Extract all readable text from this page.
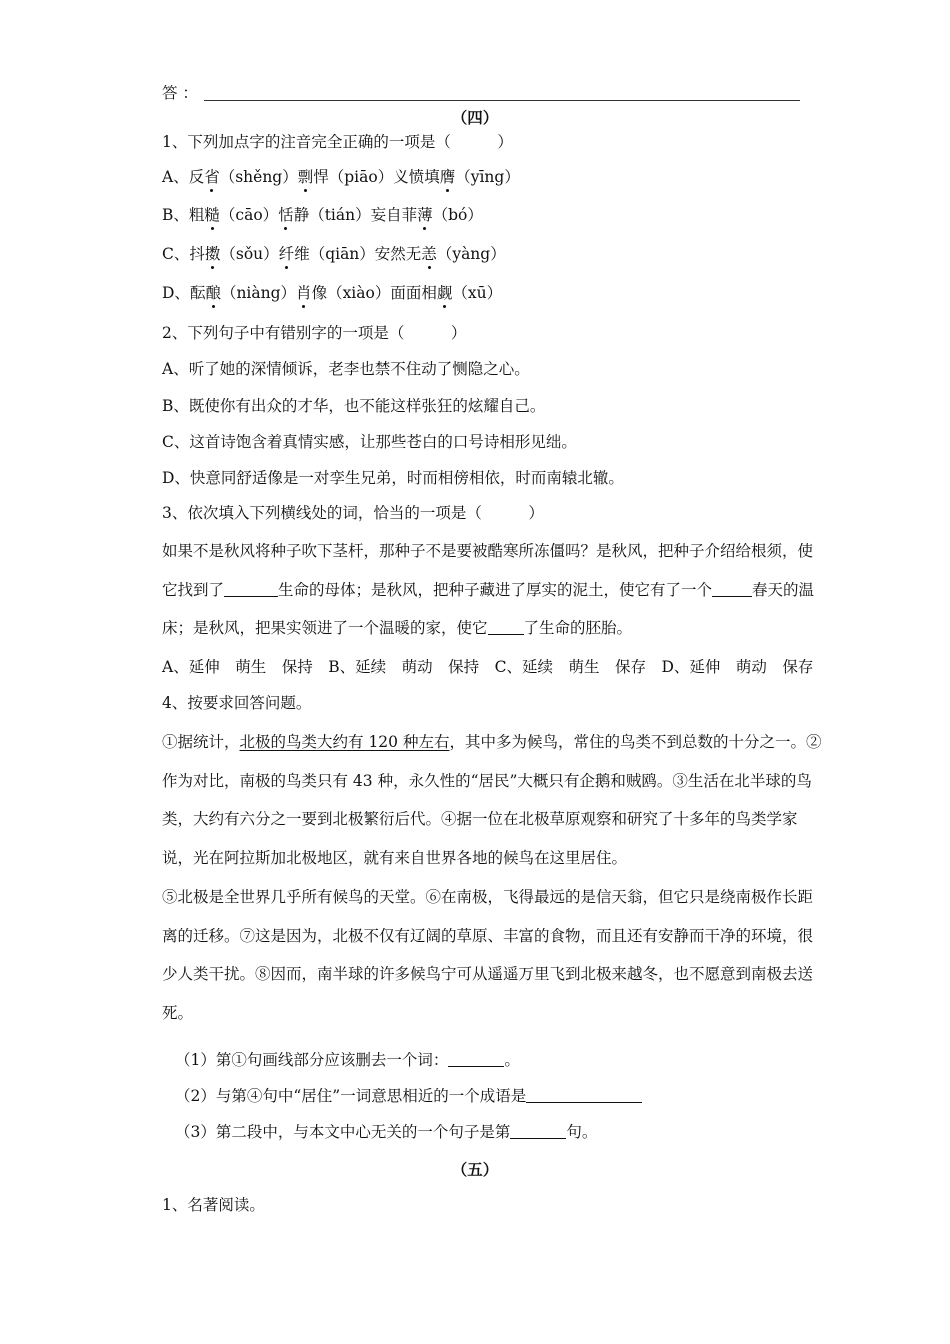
答 ：
（四）
1、下列加点字的注音完全正确的一项是（　　　）
A、反省（shěng）剽悍（piāo）义愤填膺（yīng）
B、粗糙（cāo）恬静（tián）妄自菲薄（bó）
C、抖擞（sǒu）纤维（qiān）安然无恙（yàng）
D、酝酿（niàng）肖像（xiào）面面相觑（xū）
2、下列句子中有错别字的一项是（　　　）
A、听了她的深情倾诉，老李也禁不住动了恻隐之心。
B、既使你有出众的才华，也不能这样张狂的炫耀自己。
C、这首诗饱含着真情实感，让那些苍白的口号诗相形见绌。
D、快意同舒适像是一对孪生兄弟，时而相傍相依，时而南辕北辙。
3、依次填入下列横线处的词，恰当的一项是（　　　）
如果不是秋风将种子吹下茎杆，那种子不是要被酷寒所冻僵吗？是秋风，把种子介绍给根须，使它找到了	生命的母体；是秋风，把种子藏进了厚实的泥土，使它有了一个	春天的温床；是秋风，把果实领进了一个温暖的家，使它 了生命的胚胎。
A、延伸　萌生　保持　B、延续　萌动　保持　C、延续　萌生　保存　D、延伸　萌动　保存
4、按要求回答问题。
①据统计，北极的鸟类大约有 120 种左右，其中多为候鸟，常住的鸟类不到总数的十分之一。②作为对比，南极的鸟类只有 43 种，永久性的“居民”大概只有企鹅和贼鸥。③生活在北半球的鸟类，大约有六分之一要到北极繁衍后代。④据一位在北极草原观察和研究了十多年的鸟类学家说，光在阿拉斯加北极地区，就有来自世界各地的候鸟在这里居住。
⑤北极是全世界几乎所有候鸟的天堂。⑥在南极，飞得最远的是信天翁，但它只是绕南极作长距离的迁移。⑦这是因为，北极不仅有辽阔的草原、丰富的食物，而且还有安静而干净的环境，很少人类干扰。⑧因而，南半球的许多候鸟宁可从遥遥万里飞到北极来越冬，也不愿意到南极去送死。
（1）第①句画线部分应该删去一个词：	。
（2）与第④句中“居住”一词意思相近的一个成语是
（3）第二段中，与本文中心无关的一个句子是第	句。
（五）
1、名著阅读。
